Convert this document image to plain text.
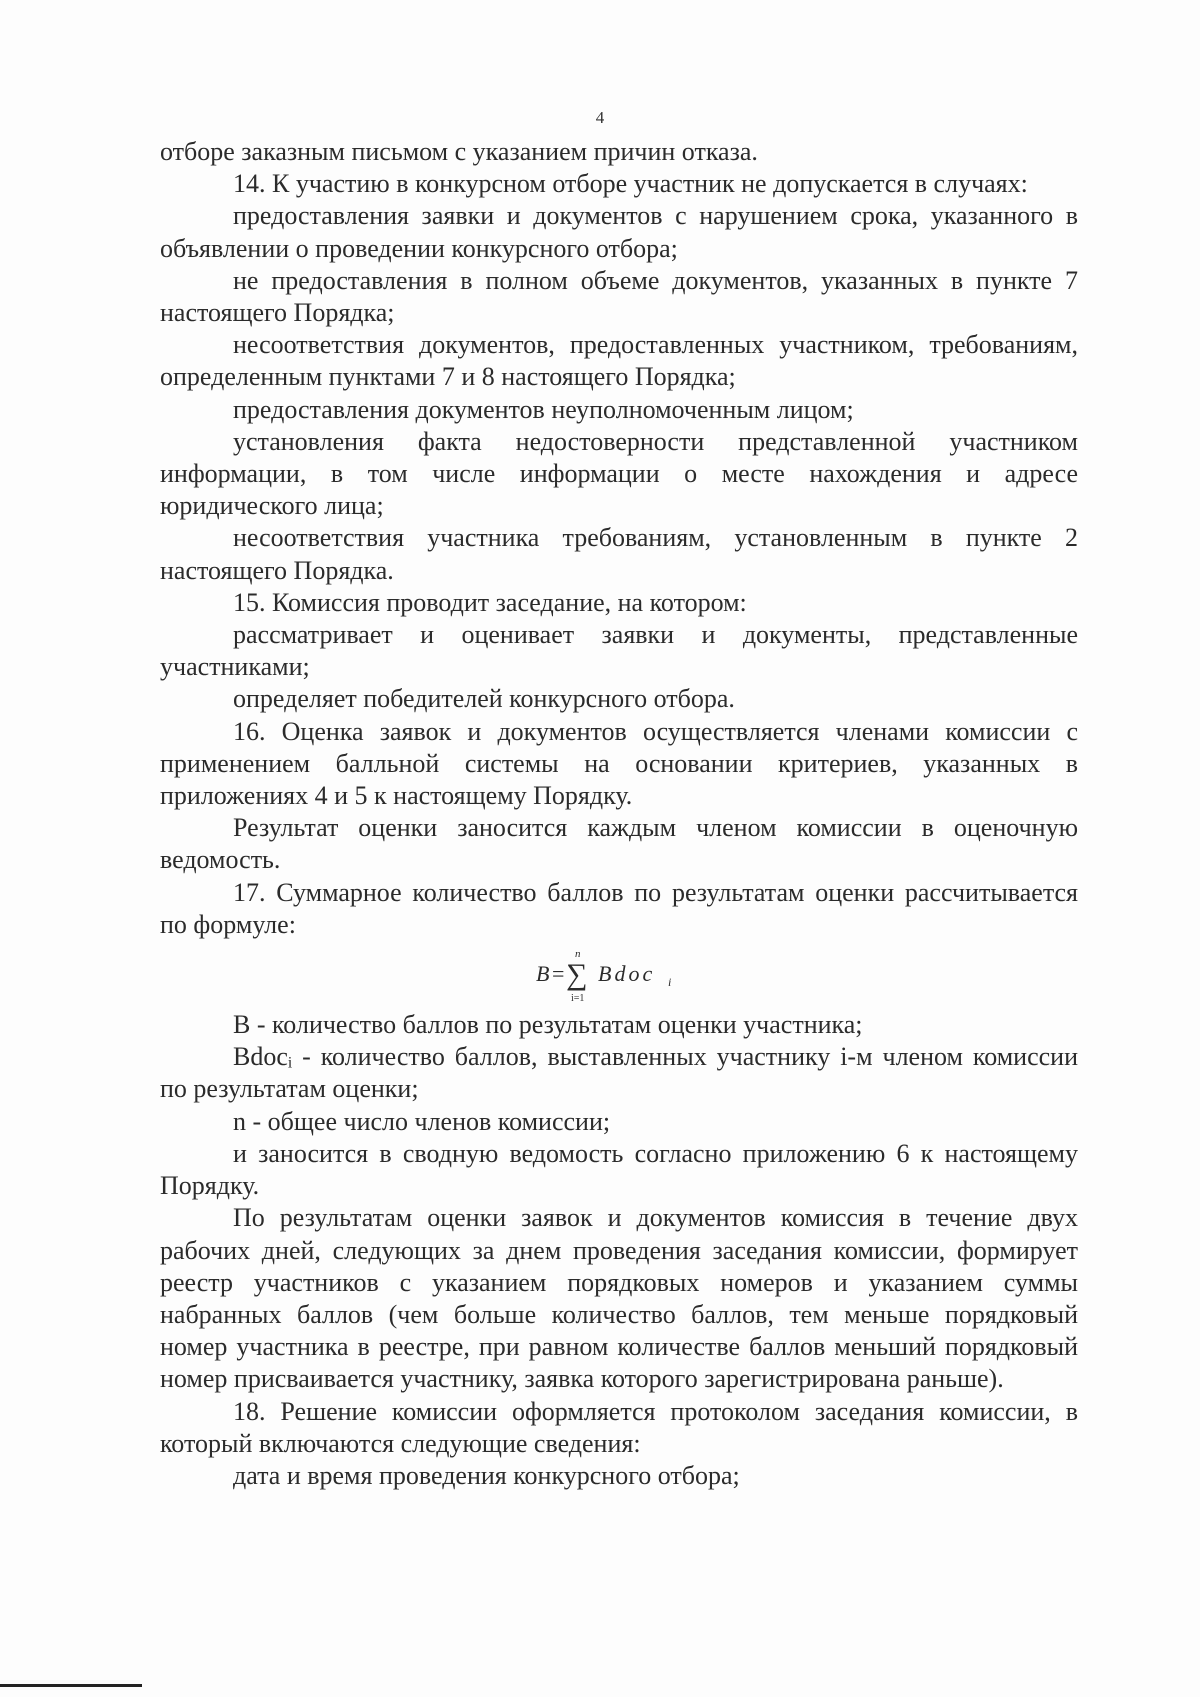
4

отборе заказным письмом с указанием причин отказа.

14. К участию в конкурсном отборе участник не допускается в случаях:

предоставления заявки и документов с нарушением срока, указанного в объявлении о проведении конкурсного отбора;

не предоставления в полном объеме документов, указанных в пункте 7 настоящего Порядка;

несоответствия документов, предоставленных участником, требованиям, определенным пунктами 7 и 8 настоящего Порядка;

предоставления документов неуполномоченным лицом;

установления факта недостоверности представленной участником информации, в том числе информации о месте нахождения и адресе юридического лица;

несоответствия участника требованиям, установленным в пункте 2 настоящего Порядка.

15. Комиссия проводит заседание, на котором:

рассматривает и оценивает заявки и документы, представленные участниками;

определяет победителей конкурсного отбора.

16. Оценка заявок и документов осуществляется членами комиссии с применением балльной системы на основании критериев, указанных в приложениях 4 и 5 к настоящему Порядку.

Результат оценки заносится каждым членом комиссии в оценочную ведомость.

17. Суммарное количество баллов по результатам оценки рассчитывается по формуле:

B = ∑
n
i=1
Bdoc i

B - количество баллов по результатам оценки участника;

Bdocᵢ - количество баллов, выставленных участнику i-м членом комиссии по результатам оценки;

n - общее число членов комиссии;

и заносится в сводную ведомость согласно приложению 6 к настоящему Порядку.

По результатам оценки заявок и документов комиссия в течение двух рабочих дней, следующих за днем проведения заседания комиссии, формирует реестр участников с указанием порядковых номеров и указанием суммы набранных баллов (чем больше количество баллов, тем меньше порядковый номер участника в реестре, при равном количестве баллов меньший порядковый номер присваивается участнику, заявка которого зарегистрирована раньше).

18. Решение комиссии оформляется протоколом заседания комиссии, в который включаются следующие сведения:

дата и время проведения конкурсного отбора;
